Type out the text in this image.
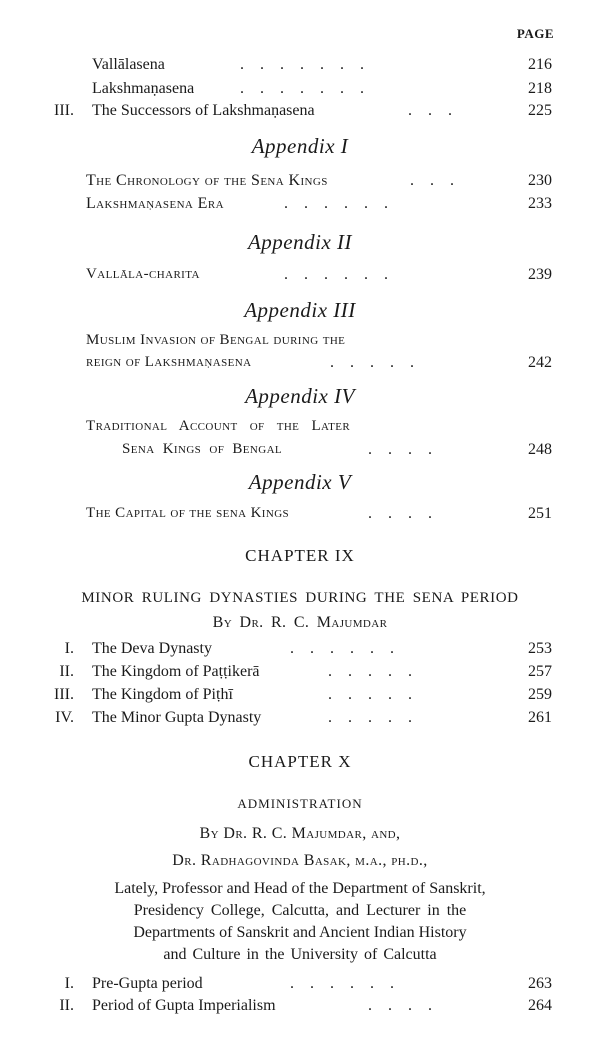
PAGE
Vallālasena	.......	216
Lakshmaṇasena	.......	218
III. The Successors of Lakshmaṇasena	...	225
Appendix I
The Chronology of the Sena Kings	...	230
Lakshmaṇasena Era	......	233
Appendix II
Vallāla-charita	......	239
Appendix III
Muslim Invasion of Bengal during the
reign of Lakshmaṇasena	.....	242
Appendix IV
Traditional Account of the Later
Sena Kings of Bengal	....	248
Appendix V
The Capital of the sena Kings	....	251
CHAPTER IX
MINOR RULING DYNASTIES DURING THE SENA PERIOD
By Dr. R. C. Majumdar
I. The Deva Dynasty	......	253
II. The Kingdom of Paṭṭikerā	.....	257
III. The Kingdom of Piṭhī	.....	259
IV. The Minor Gupta Dynasty	.....	261
CHAPTER X
ADMINISTRATION
By Dr. R. C. Majumdar, and,
Dr. Radhagovinda Basak, m.a., ph.d.,
Lately, Professor and Head of the Department of Sanskrit,
Presidency College, Calcutta, and Lecturer in the
Departments of Sanskrit and Ancient Indian History
and Culture in the University of Calcutta
I. Pre-Gupta period	......	263
II. Period of Gupta Imperialism	....	264
